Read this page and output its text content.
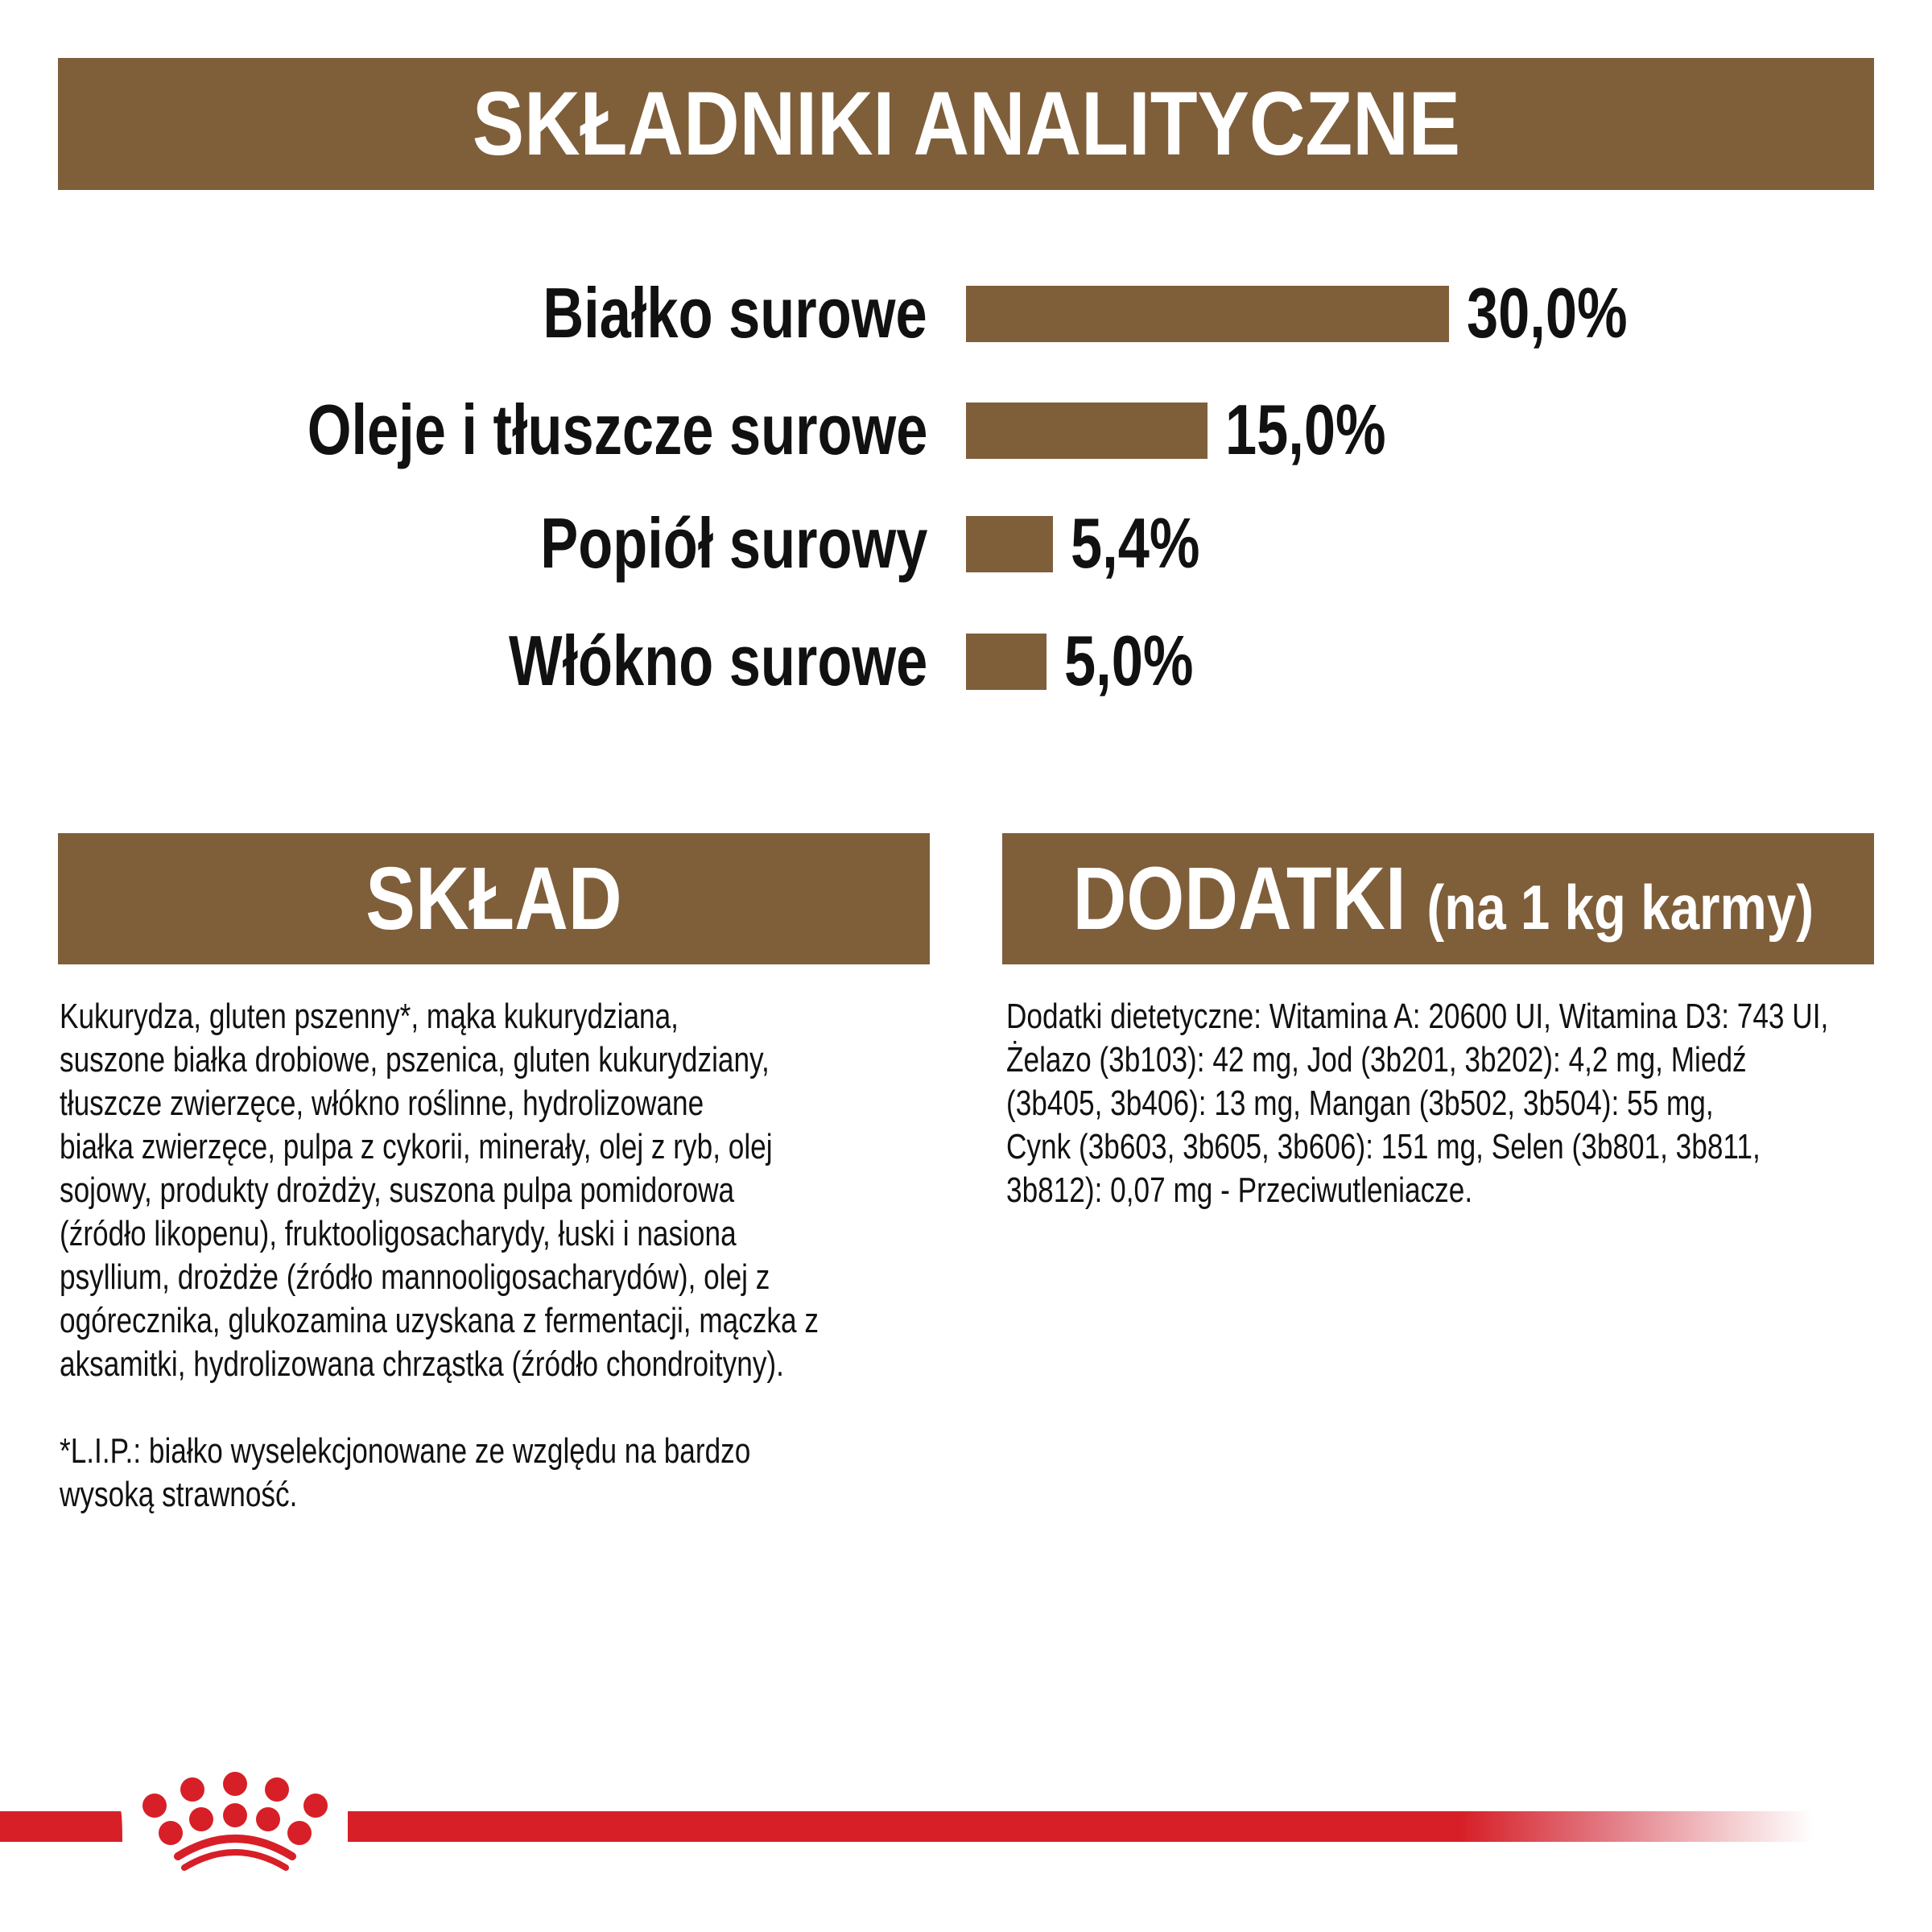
SKŁADNIKI ANALITYCZNE
Białko surowe	30,0%
Oleje i tłuszcze surowe	15,0%
Popiół surowy 5,4%
Włókno surowe 5,0%
SKŁAD	DODATKI (na 1 kg karmy)
Kukurydza, gluten pszenny*, mąka kukurydziana,
suszone białka drobiowe, pszenica, gluten kukurydziany,
tłuszcze zwierzęce, włókno roślinne, hydrolizowane
białka zwierzęce, pulpa z cykorii, minerały, olej z ryb, olej
sojowy, produkty drożdży, suszona pulpa pomidorowa
(źródło likopenu), fruktooligosacharydy, łuski i nasiona
psyllium, drożdże (źródło mannooligosacharydów), olej z
ogórecznika, glukozamina uzyskana z fermentacji, mączka z
aksamitki, hydrolizowana chrząstka (źródło chondroityny).
*L.I.P.: białko wyselekcjonowane ze względu na bardzo
wysoką strawność.
Dodatki dietetyczne: Witamina A: 20600 UI, Witamina D3: 743 UI,
Żelazo (3b103): 42 mg, Jod (3b201, 3b202): 4,2 mg, Miedź
(3b405, 3b406): 13 mg, Mangan (3b502, 3b504): 55 mg,
Cynk (3b603, 3b605, 3b606): 151 mg, Selen (3b801, 3b811,
3b812): 0,07 mg - Przeciwutleniacze.
